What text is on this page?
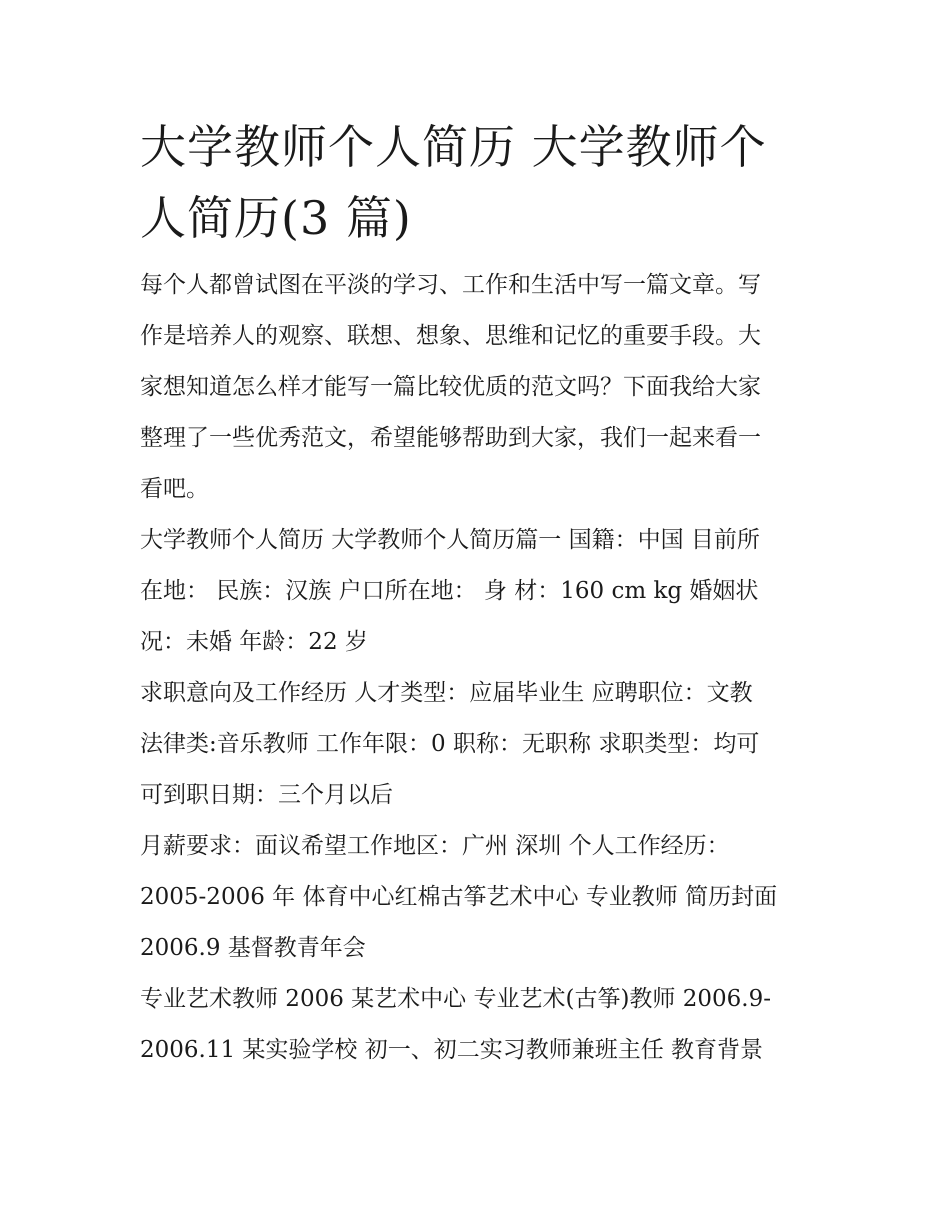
大学教师个人简历 大学教师个
人简历(3 篇)

每个人都曾试图在平淡的学习、工作和生活中写一篇文章。写
作是培养人的观察、联想、想象、思维和记忆的重要手段。大
家想知道怎么样才能写一篇比较优质的范文吗？下面我给大家
整理了一些优秀范文，希望能够帮助到大家，我们一起来看一
看吧。

大学教师个人简历 大学教师个人简历篇一 国籍：中国 目前所
在地： 民族：汉族 户口所在地： 身 材：160 cm kg 婚姻状
况：未婚 年龄：22 岁

求职意向及工作经历 人才类型：应届毕业生 应聘职位：文教
法律类:音乐教师 工作年限：0 职称：无职称 求职类型：均可
可到职日期：三个月以后

月薪要求：面议希望工作地区：广州 深圳 个人工作经历：
2005-2006 年 体育中心红棉古筝艺术中心 专业教师 简历封面
2006.9 基督教青年会

专业艺术教师 2006 某艺术中心 专业艺术(古筝)教师 2006.9-
2006.11 某实验学校 初一、初二实习教师兼班主任 教育背景
